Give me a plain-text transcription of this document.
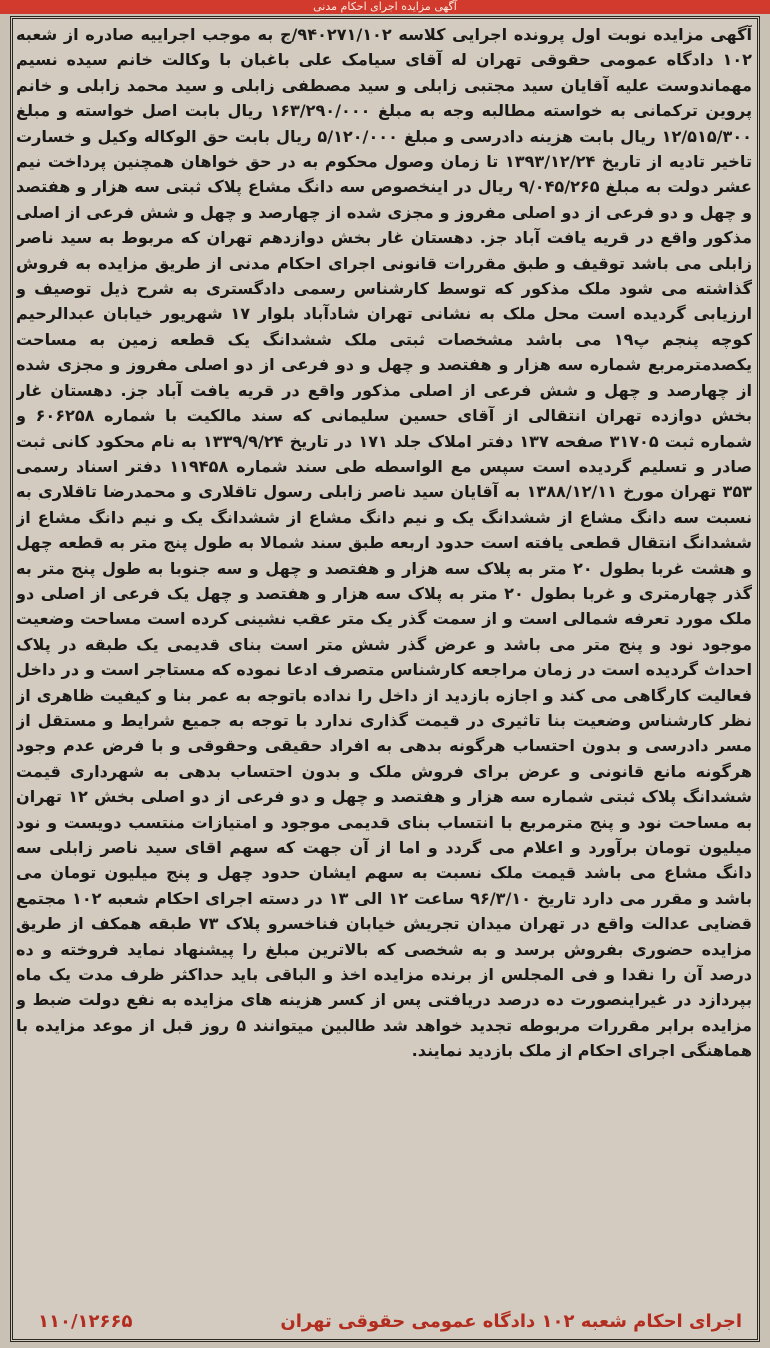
آگهی مزایده اجرای احکام مدنی
آگهی مزایده نوبت اول پرونده اجرایی کلاسه ۹۴۰۲۷۱/۱۰۲/ج به موجب اجراییه صادره از شعبه ۱۰۲ دادگاه عمومی حقوقی تهران له آقای سیامک علی باغبان با وکالت خانم سیده نسیم مهماندوست علیه آقایان سید مجتبی زابلی و سید مصطفی زابلی و سید محمد زابلی و خانم پروین ترکمانی به خواسته مطالبه وجه به مبلغ ۱۶۳/۲۹۰/۰۰۰ ریال بابت اصل خواسته و مبلغ ۱۲/۵۱۵/۳۰۰ ریال بابت هزینه دادرسی و مبلغ ۵/۱۲۰/۰۰۰ ریال بابت حق الوکاله وکیل و خسارت تاخیر تادیه از تاریخ ۱۳۹۳/۱۲/۲۴ تا زمان وصول محکوم به در حق خواهان همچنین پرداخت نیم عشر دولت به مبلغ ۹/۰۴۵/۲۶۵ ریال در اینخصوص سه دانگ مشاع پلاک ثبتی سه هزار و هفتصد و چهل و دو فرعی از دو اصلی مفروز و مجزی شده از چهارصد و چهل و شش فرعی از اصلی مذکور واقع در قریه یافت آباد جز. دهستان غار بخش دوازدهم تهران که مربوط به سید ناصر زابلی می باشد توقیف و طبق مقررات قانونی اجرای احکام مدنی از طریق مزایده به فروش گذاشته می شود ملک مذکور که توسط کارشناس رسمی دادگستری به شرح ذیل توصیف و ارزیابی گردیده است محل ملک به نشانی تهران شادآباد بلوار ۱۷ شهریور خیابان عبدالرحیم کوچه پنجم پ۱۹ می باشد مشخصات ثبتی ملک ششدانگ یک قطعه زمین به مساحت یکصدمترمربع شماره سه هزار و هفتصد و چهل و دو فرعی از دو اصلی مفروز و مجزی شده از چهارصد و چهل و شش فرعی از اصلی مذکور واقع در قریه یافت آباد جز. دهستان غار بخش دوازده تهران انتقالی از آقای حسین سلیمانی که سند مالکیت با شماره ۶۰۶۲۵۸ و شماره ثبت ۳۱۷۰۵ صفحه ۱۳۷ دفتر املاک جلد ۱۷۱ در تاریخ ۱۳۳۹/۹/۲۴ به نام محکود کانی ثبت صادر و تسلیم گردیده است سپس مع الواسطه طی سند شماره ۱۱۹۴۵۸ دفتر اسناد رسمی ۳۵۳ تهران مورخ ۱۳۸۸/۱۲/۱۱ به آقایان سید ناصر زابلی رسول تاقلاری و محمدرضا تاقلاری به نسبت سه دانگ مشاع از ششدانگ یک و نیم دانگ مشاع از ششدانگ یک و نیم دانگ مشاع از ششدانگ انتقال قطعی یافته است حدود اربعه طبق سند شمالا به طول پنج متر به قطعه چهل و هشت غربا بطول ۲۰ متر به پلاک سه هزار و هفتصد و چهل و سه جنوبا به طول پنج متر به گذر چهارمتری و غربا بطول ۲۰ متر به پلاک سه هزار و هفتصد و چهل یک فرعی از اصلی دو ملک مورد تعرفه شمالی است و از سمت گذر یک متر عقب نشینی کرده است مساحت وضعیت موجود نود و پنج متر می باشد و عرض گذر شش متر است بنای قدیمی یک طبقه در پلاک احداث گردیده است در زمان مراجعه کارشناس متصرف ادعا نموده که مستاجر است و در داخل فعالیت کارگاهی می کند و اجازه بازدید از داخل را نداده باتوجه به عمر بنا و کیفیت ظاهری از نظر کارشناس وضعیت بنا تاثیری در قیمت گذاری ندارد با توجه به جمیع شرایط و مستقل از مسر دادرسی و بدون احتساب هرگونه بدهی به افراد حقیقی وحقوقی و با فرض عدم وجود هرگونه مانع قانونی و عرض برای فروش ملک و بدون احتساب بدهی به شهرداری قیمت ششدانگ پلاک ثبتی شماره سه هزار و هفتصد و چهل و دو فرعی از دو اصلی بخش ۱۲ تهران به مساحت نود و پنج مترمربع با انتساب بنای قدیمی موجود و امتیازات منتسب دویست و نود میلیون تومان برآورد و اعلام می گردد و اما از آن جهت که سهم اقای سید ناصر زابلی سه دانگ مشاع می باشد قیمت ملک نسبت به سهم ایشان حدود چهل و پنج میلیون تومان می باشد و مقرر می دارد تاریخ ۹۶/۳/۱۰ ساعت ۱۲ الی ۱۳ در دسته اجرای احکام شعبه ۱۰۲ مجتمع قضایی عدالت واقع در تهران میدان تجریش خیابان فناخسرو پلاک ۷۳ طبقه همکف از طریق مزایده حضوری بفروش برسد و به شخصی که بالاترین مبلغ را پیشنهاد نماید فروخته و ده درصد آن را نقدا و فی المجلس از برنده مزایده اخذ و الباقی باید حداکثر ظرف مدت یک ماه بپردازد در غیراینصورت ده درصد دریافتی پس از کسر هزینه های مزایده به نفع دولت ضبط و مزایده برابر مقررات مربوطه تجدید خواهد شد طالبین میتوانند ۵ روز قبل از موعد مزایده با هماهنگی اجرای احکام از ملک بازدید نمایند.
اجرای احکام شعبه ۱۰۲ دادگاه عمومی حقوقی تهران
۱۱۰/۱۲۶۶۵
